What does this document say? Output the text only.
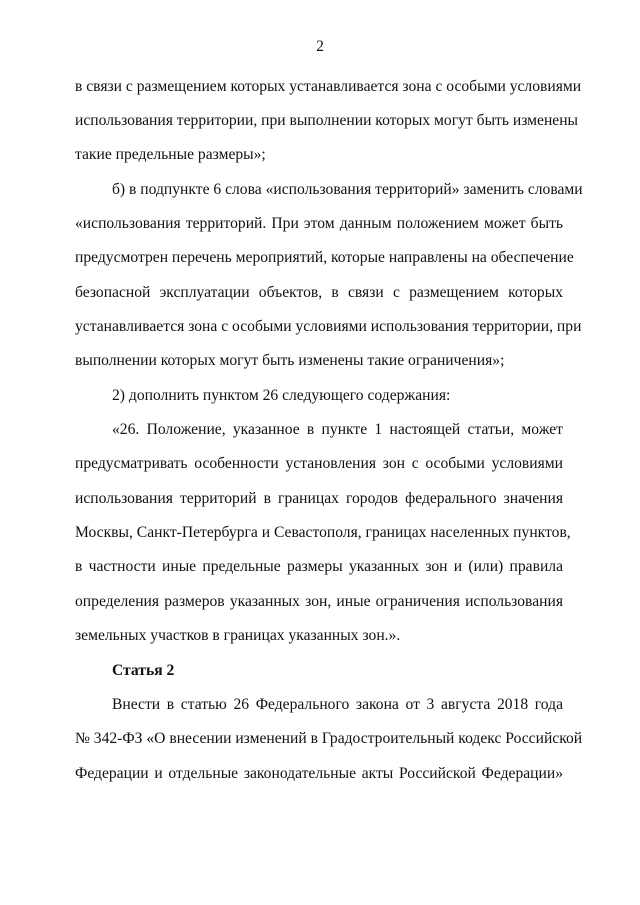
2
в связи с размещением которых устанавливается зона с особыми условиями
использования территории, при выполнении которых могут быть изменены
такие предельные размеры»;
б) в подпункте 6 слова «использования территорий» заменить словами
«использования территорий. При этом данным положением может быть
предусмотрен перечень мероприятий, которые направлены на обеспечение
безопасной эксплуатации объектов, в связи с размещением которых
устанавливается зона с особыми условиями использования территории, при
выполнении которых могут быть изменены такие ограничения»;
2) дополнить пунктом 26 следующего содержания:
«26. Положение, указанное в пункте 1 настоящей статьи, может
предусматривать особенности установления зон с особыми условиями
использования территорий в границах городов федерального значения
Москвы, Санкт-Петербурга и Севастополя, границах населенных пунктов,
в частности иные предельные размеры указанных зон и (или) правила
определения размеров указанных зон, иные ограничения использования
земельных участков в границах указанных зон.».
Статья 2
Внести в статью 26 Федерального закона от 3 августа 2018 года
№ 342-ФЗ «О внесении изменений в Градостроительный кодекс Российской
Федерации и отдельные законодательные акты Российской Федерации»
